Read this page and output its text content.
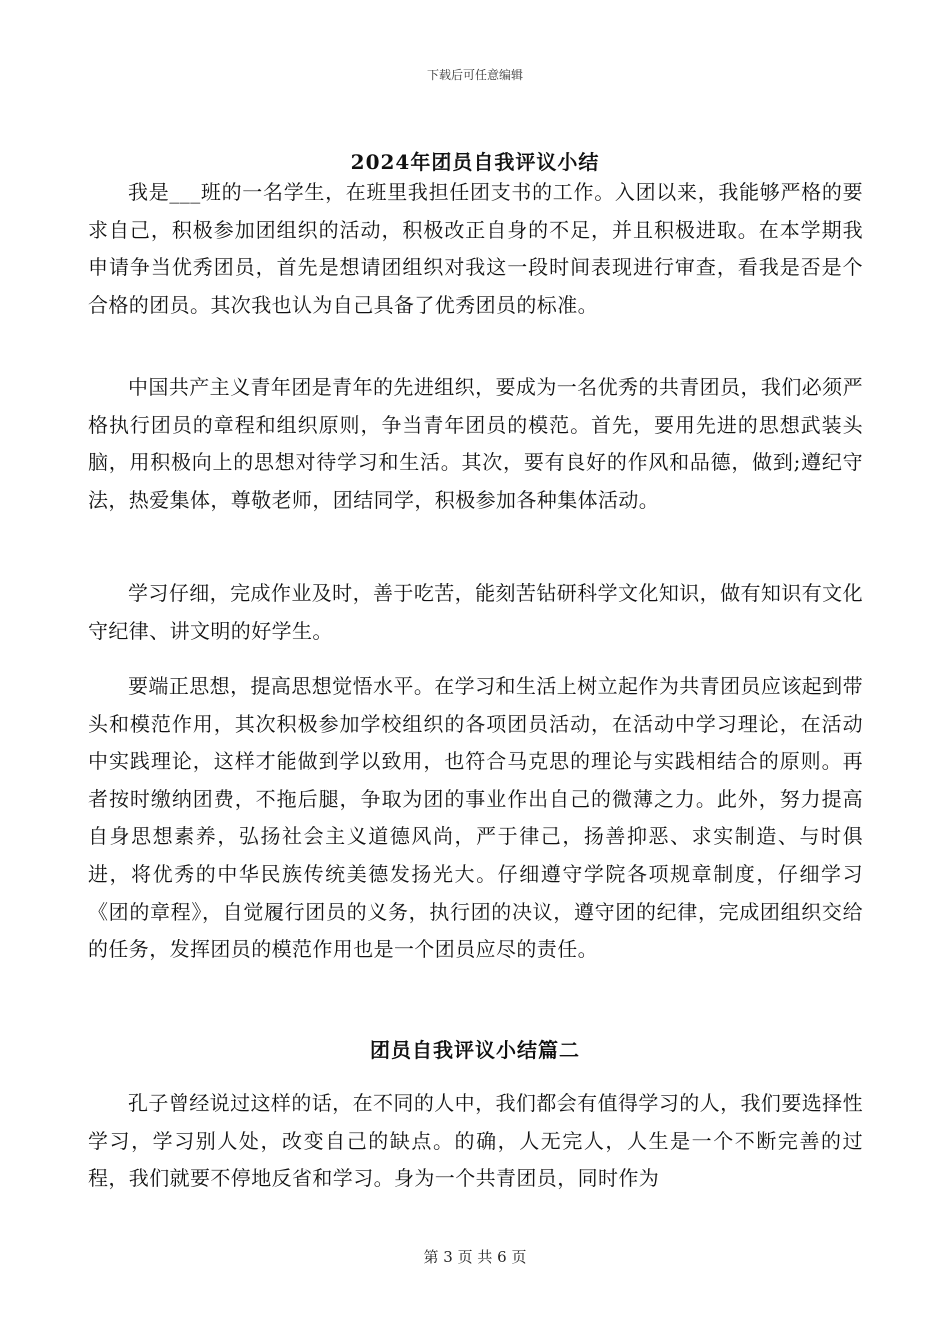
下载后可任意编辑
2024年团员自我评议小结

我是___班的一名学生，在班里我担任团支书的工作。入团以来，我能够严格的要求自己，积极参加团组织的活动，积极改正自身的不足，并且积极进取。在本学期我申请争当优秀团员，首先是想请团组织对我这一段时间表现进行审查，看我是否是个合格的团员。其次我也认为自己具备了优秀团员的标准。

中国共产主义青年团是青年的先进组织，要成为一名优秀的共青团员，我们必须严格执行团员的章程和组织原则，争当青年团员的模范。首先，要用先进的思想武装头脑，用积极向上的思想对待学习和生活。其次，要有良好的作风和品德，做到;遵纪守法，热爱集体，尊敬老师，团结同学，积极参加各种集体活动。

学习仔细，完成作业及时，善于吃苦，能刻苦钻研科学文化知识，做有知识有文化守纪律、讲文明的好学生。

要端正思想，提高思想觉悟水平。在学习和生活上树立起作为共青团员应该起到带头和模范作用，其次积极参加学校组织的各项团员活动，在活动中学习理论，在活动中实践理论，这样才能做到学以致用，也符合马克思的理论与实践相结合的原则。再者按时缴纳团费，不拖后腿，争取为团的事业作出自己的微薄之力。此外，努力提高自身思想素养，弘扬社会主义道德风尚，严于律己，扬善抑恶、求实制造、与时俱进，将优秀的中华民族传统美德发扬光大。仔细遵守学院各项规章制度，仔细学习《团的章程》，自觉履行团员的义务，执行团的决议，遵守团的纪律，完成团组织交给的任务，发挥团员的模范作用也是一个团员应尽的责任。

团员自我评议小结篇二

孔子曾经说过这样的话，在不同的人中，我们都会有值得学习的人，我们要选择性学习，学习别人处，改变自己的缺点。的确，人无完人，人生是一个不断完善的过程，我们就要不停地反省和学习。身为一个共青团员，同时作为

第 3 页 共 6 页
